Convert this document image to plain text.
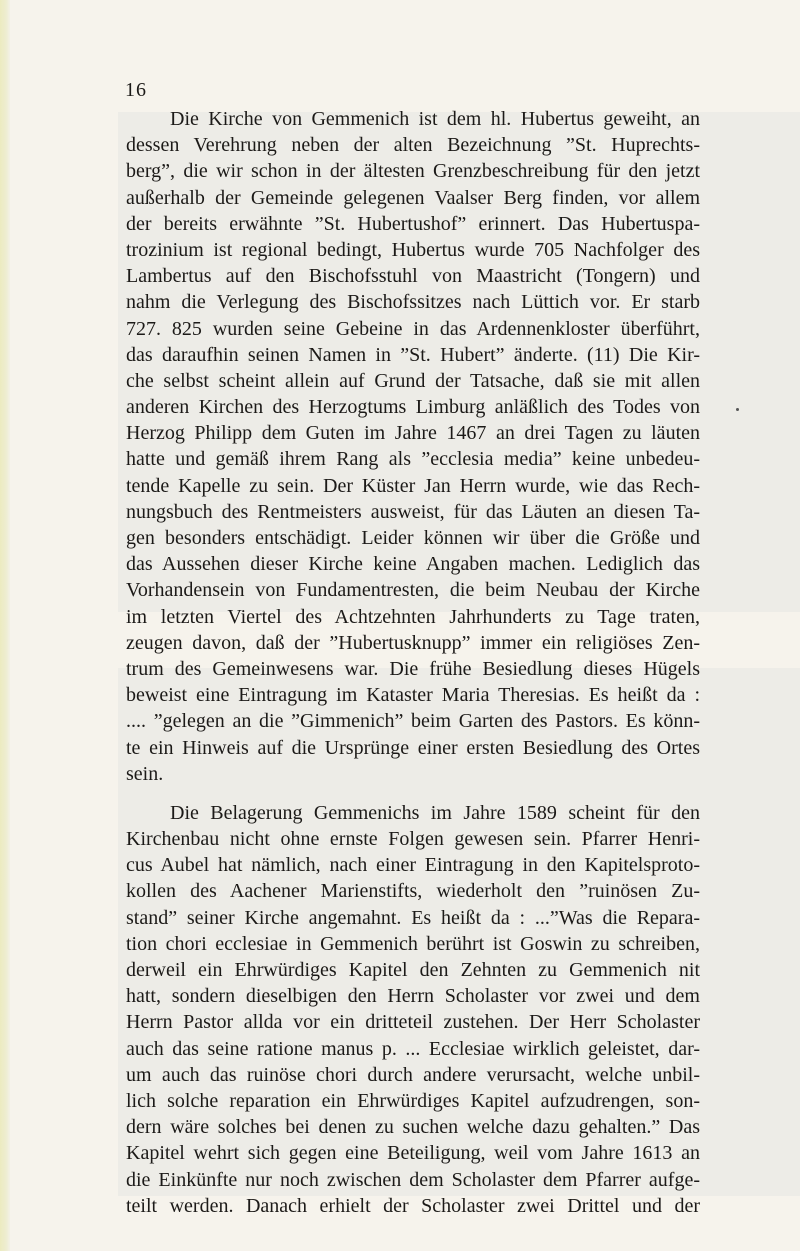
16
Die Kirche von Gemmenich ist dem hl. Hubertus geweiht, an
dessen Verehrung neben der alten Bezeichnung ”St. Huprechts-
berg”, die wir schon in der ältesten Grenzbeschreibung für den jetzt
außerhalb der Gemeinde gelegenen Vaalser Berg finden, vor allem
der bereits erwähnte ”St. Hubertushof” erinnert. Das Hubertuspa-
trozinium ist regional bedingt, Hubertus wurde 705 Nachfolger des
Lambertus auf den Bischofsstuhl von Maastricht (Tongern) und
nahm die Verlegung des Bischofssitzes nach Lüttich vor. Er starb
727. 825 wurden seine Gebeine in das Ardennenkloster überführt,
das daraufhin seinen Namen in ”St. Hubert” änderte. (11) Die Kir-
che selbst scheint allein auf Grund der Tatsache, daß sie mit allen
anderen Kirchen des Herzogtums Limburg anläßlich des Todes von
Herzog Philipp dem Guten im Jahre 1467 an drei Tagen zu läuten
hatte und gemäß ihrem Rang als ”ecclesia media” keine unbedeu-
tende Kapelle zu sein. Der Küster Jan Herrn wurde, wie das Rech-
nungsbuch des Rentmeisters ausweist, für das Läuten an diesen Ta-
gen besonders entschädigt. Leider können wir über die Größe und
das Aussehen dieser Kirche keine Angaben machen. Lediglich das
Vorhandensein von Fundamentresten, die beim Neubau der Kirche
im letzten Viertel des Achtzehnten Jahrhunderts zu Tage traten,
zeugen davon, daß der ”Hubertusknupp” immer ein religiöses Zen-
trum des Gemeinwesens war. Die frühe Besiedlung dieses Hügels
beweist eine Eintragung im Kataster Maria Theresias. Es heißt da :
.... ”gelegen an die ”Gimmenich” beim Garten des Pastors. Es könn-
te ein Hinweis auf die Ursprünge einer ersten Besiedlung des Ortes
sein.
Die Belagerung Gemmenichs im Jahre 1589 scheint für den
Kirchenbau nicht ohne ernste Folgen gewesen sein. Pfarrer Henri-
cus Aubel hat nämlich, nach einer Eintragung in den Kapitelsproto-
kollen des Aachener Marienstifts, wiederholt den ”ruinösen Zu-
stand” seiner Kirche angemahnt. Es heißt da : ...”Was die Repara-
tion chori ecclesiae in Gemmenich berührt ist Goswin zu schreiben,
derweil ein Ehrwürdiges Kapitel den Zehnten zu Gemmenich nit
hatt, sondern dieselbigen den Herrn Scholaster vor zwei und dem
Herrn Pastor allda vor ein dritteteil zustehen. Der Herr Scholaster
auch das seine ratione manus p. ... Ecclesiae wirklich geleistet, dar-
um auch das ruinöse chori durch andere verursacht, welche unbil-
lich solche reparation ein Ehrwürdiges Kapitel aufzudrengen, son-
dern wäre solches bei denen zu suchen welche dazu gehalten.” Das
Kapitel wehrt sich gegen eine Beteiligung, weil vom Jahre 1613 an
die Einkünfte nur noch zwischen dem Scholaster dem Pfarrer aufge-
teilt werden. Danach erhielt der Scholaster zwei Drittel und der
